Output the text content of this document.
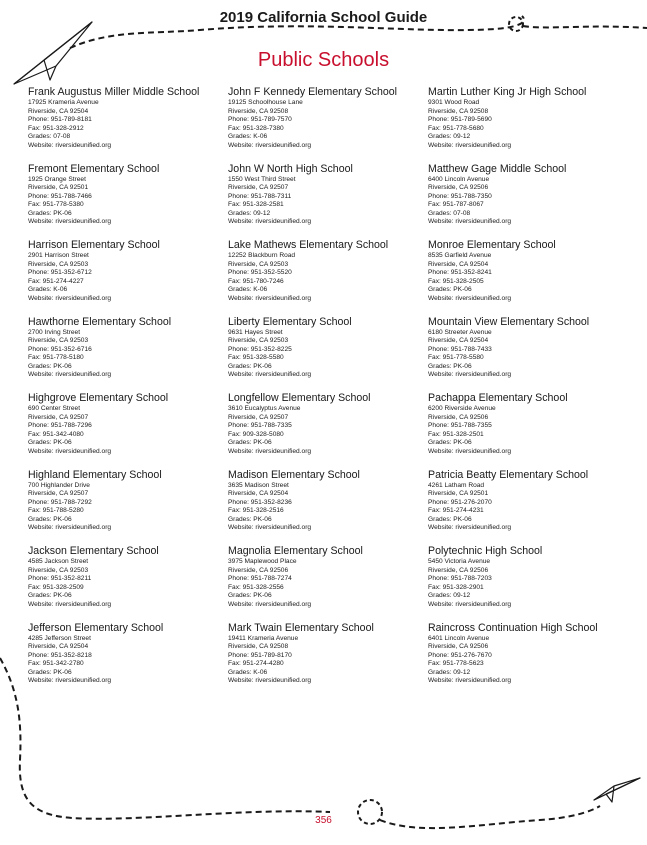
2019 California School Guide
Public Schools
Frank Augustus Miller Middle School
17925 Krameria Avenue
Riverside, CA 92504
Phone: 951-789-8181
Fax: 951-328-2912
Grades: 07-08
Website: riversideunified.org
Fremont Elementary School
1925 Orange Street
Riverside, CA 92501
Phone: 951-788-7466
Fax: 951-778-5380
Grades: PK-06
Website: riversideunified.org
Harrison Elementary School
2901 Harrison Street
Riverside, CA 92503
Phone: 951-352-6712
Fax: 951-274-4227
Grades: K-06
Website: riversideunified.org
Hawthorne Elementary School
2700 Irving Street
Riverside, CA 92503
Phone: 951-352-6716
Fax: 951-778-5180
Grades: PK-06
Website: riversideunified.org
Highgrove Elementary School
690 Center Street
Riverside, CA 92507
Phone: 951-788-7296
Fax: 951-342-4080
Grades: PK-06
Website: riversideunified.org
Highland Elementary School
700 Highlander Drive
Riverside, CA 92507
Phone: 951-788-7292
Fax: 951-788-5280
Grades: PK-06
Website: riversideunified.org
Jackson Elementary School
4585 Jackson Street
Riverside, CA 92503
Phone: 951-352-8211
Fax: 951-328-2509
Grades: PK-06
Website: riversideunified.org
Jefferson Elementary School
4285 Jefferson Street
Riverside, CA 92504
Phone: 951-352-8218
Fax: 951-342-2780
Grades: PK-06
Website: riversideunified.org
John F Kennedy Elementary School
19125 Schoolhouse Lane
Riverside, CA 92508
Phone: 951-789-7570
Fax: 951-328-7380
Grades: K-06
Website: riversideunified.org
John W North High School
1550 West Third Street
Riverside, CA 92507
Phone: 951-788-7311
Fax: 951-328-2581
Grades: 09-12
Website: riversideunified.org
Lake Mathews Elementary School
12252 Blackburn Road
Riverside, CA 92503
Phone: 951-352-5520
Fax: 951-780-7246
Grades: K-06
Website: riversideunified.org
Liberty Elementary School
9631 Hayes Street
Riverside, CA 92503
Phone: 951-352-8225
Fax: 951-328-5580
Grades: PK-06
Website: riversideunified.org
Longfellow Elementary School
3610 Eucalyptus Avenue
Riverside, CA 92507
Phone: 951-788-7335
Fax: 909-328-5080
Grades: PK-06
Website: riversideunified.org
Madison Elementary School
3635 Madison Street
Riverside, CA 92504
Phone: 951-352-8236
Fax: 951-328-2516
Grades: PK-06
Website: riversideunified.org
Magnolia Elementary School
3975 Maplewood Place
Riverside, CA 92506
Phone: 951-788-7274
Fax: 951-328-2556
Grades: PK-06
Website: riversideunified.org
Mark Twain Elementary School
19411 Krameria Avenue
Riverside, CA 92508
Phone: 951-789-8170
Fax: 951-274-4280
Grades: K-06
Website: riversideunified.org
Martin Luther King Jr High School
9301 Wood Road
Riverside, CA 92508
Phone: 951-789-5690
Fax: 951-778-5680
Grades: 09-12
Website: riversideunified.org
Matthew Gage Middle School
6400 Lincoln Avenue
Riverside, CA 92506
Phone: 951-788-7350
Fax: 951-787-8067
Grades: 07-08
Website: riversideunified.org
Monroe Elementary School
8535 Garfield Avenue
Riverside, CA 92504
Phone: 951-352-8241
Fax: 951-328-2505
Grades: PK-06
Website: riversideunified.org
Mountain View Elementary School
6180 Streeter Avenue
Riverside, CA 92504
Phone: 951-788-7433
Fax: 951-778-5580
Grades: PK-06
Website: riversideunified.org
Pachappa Elementary School
6200 Riverside Avenue
Riverside, CA 92506
Phone: 951-788-7355
Fax: 951-328-2501
Grades: PK-06
Website: riversideunified.org
Patricia Beatty Elementary School
4261 Latham Road
Riverside, CA 92501
Phone: 951-276-2070
Fax: 951-274-4231
Grades: PK-06
Website: riversideunified.org
Polytechnic High School
5450 Victoria Avenue
Riverside, CA 92506
Phone: 951-788-7203
Fax: 951-328-2901
Grades: 09-12
Website: riversideunified.org
Raincross Continuation High School
6401 Lincoln Avenue
Riverside, CA 92506
Phone: 951-276-7670
Fax: 951-778-5623
Grades: 09-12
Website: riversideunified.org
356
